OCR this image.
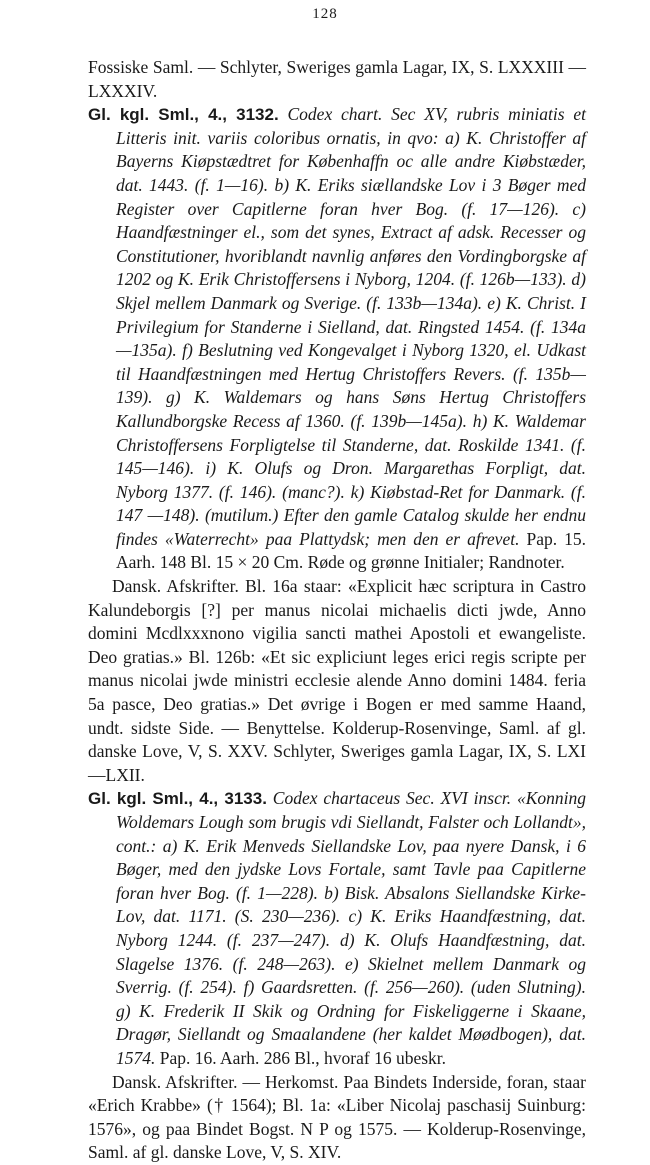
128

Fossiske Saml. — Schlyter, Sweriges gamla Lagar, IX, S. LXXXIII —LXXXIV.

Gl. kgl. Sml., 4., 3132. Codex chart. Sec XV, rubris miniatis et Litteris init. variis coloribus ornatis, in qvo: a) K. Christoffer af Bayerns Kiøpstædtret for Københaffn oc alle andre Kiøbstæder, dat. 1443. (f. 1—16). b) K. Eriks siællandske Lov i 3 Bøger med Register over Capitlerne foran hver Bog. (f. 17—126). c) Haandfæstninger el., som det synes, Extract af adsk. Recesser og Constitutioner, hvoriblandt navnlig anføres den Vordingborgske af 1202 og K. Erik Christoffersens i Nyborg, 1204. (f. 126b—133). d) Skjel mellem Danmark og Sverige. (f. 133b—134a). e) K. Christ. I Privilegium for Standerne i Sielland, dat. Ringsted 1454. (f. 134a—135a). f) Beslutning ved Kongevalget i Nyborg 1320, el. Udkast til Haandfæstningen med Hertug Christoffers Revers. (f. 135b—139). g) K. Waldemars og hans Søns Hertug Christoffers Kallundborgske Recess af 1360. (f. 139b—145a). h) K. Waldemar Christoffersens Forpligtelse til Standerne, dat. Roskilde 1341. (f. 145—146). i) K. Olufs og Dron. Margarethas Forpligt, dat. Nyborg 1377. (f. 146). (manc?). k) Kiøbstad-Ret for Danmark. (f. 147 —148). (mutilum.) Efter den gamle Catalog skulde her endnu findes «Waterrecht» paa Plattydsk; men den er afrevet. Pap. 15. Aarh. 148 Bl. 15 × 20 Cm. Røde og grønne Initialer; Randnoter.

Dansk. Afskrifter. Bl. 16a staar: «Explicit hæc scriptura in Castro Kalundeborgis [?] per manus nicolai michaelis dicti jwde, Anno domini Mcdlxxxnono vigilia sancti mathei Apostoli et ewangeliste. Deo gratias.» Bl. 126b: «Et sic expliciunt leges erici regis scripte per manus nicolai jwde ministri ecclesie alende Anno domini 1484. feria 5a pasce, Deo gratias.» Det øvrige i Bogen er med samme Haand, undt. sidste Side. — Benyttelse. Kolderup-Rosenvinge, Saml. af gl. danske Love, V, S. XXV. Schlyter, Sweriges gamla Lagar, IX, S. LXI—LXII.

Gl. kgl. Sml., 4., 3133. Codex chartaceus Sec. XVI inscr. «Konning Woldemars Lough som brugis vdi Siellandt, Falster och Lollandt», cont.: a) K. Erik Menveds Siellandske Lov, paa nyere Dansk, i 6 Bøger, med den jydske Lovs Fortale, samt Tavle paa Capitlerne foran hver Bog. (f. 1—228). b) Bisk. Absalons Siellandske Kirke-Lov, dat. 1171. (S. 230—236). c) K. Eriks Haandfæstning, dat. Nyborg 1244. (f. 237—247). d) K. Olufs Haandfæstning, dat. Slagelse 1376. (f. 248—263). e) Skielnet mellem Danmark og Sverrig. (f. 254). f) Gaardsretten. (f. 256—260). (uden Slutning). g) K. Frederik II Skik og Ordning for Fiskeliggerne i Skaane, Dragør, Siellandt og Smaalandene (her kaldet Møødbogen), dat. 1574. Pap. 16. Aarh. 286 Bl., hvoraf 16 ubeskr.

Dansk. Afskrifter. — Herkomst. Paa Bindets Inderside, foran, staar «Erich Krabbe» († 1564); Bl. 1a: «Liber Nicolaj paschasij Suinburg: 1576», og paa Bindet Bogst. N P og 1575. — Kolderup-Rosenvinge, Saml. af gl. danske Love, V, S. XIV.
